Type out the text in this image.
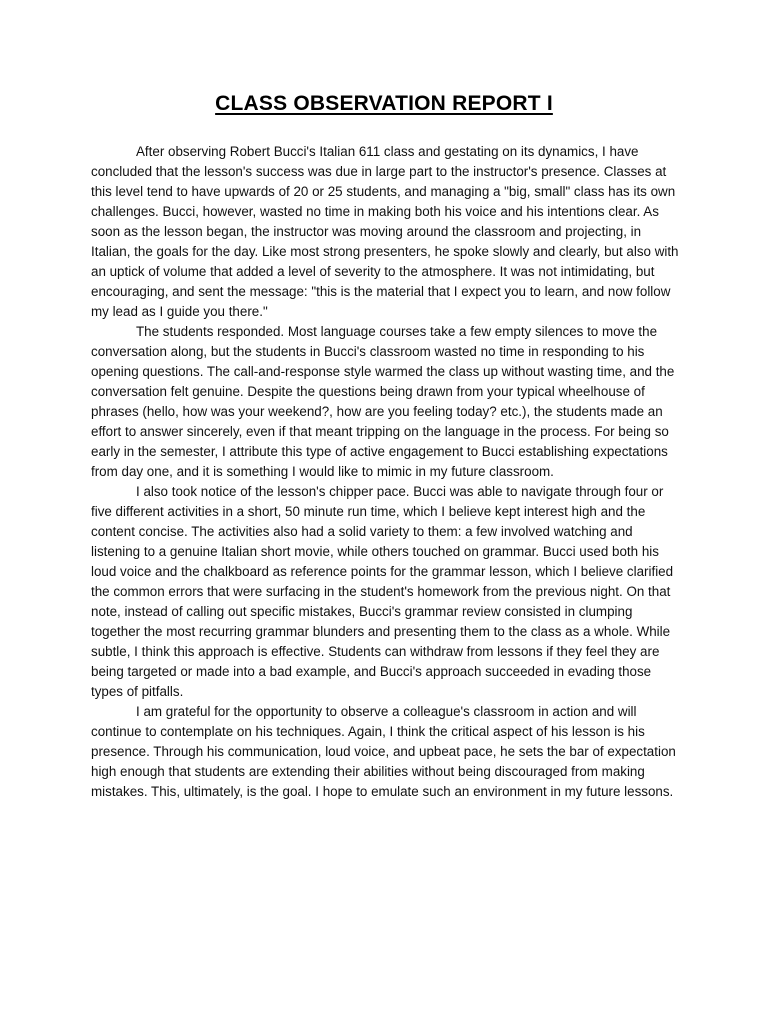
CLASS OBSERVATION REPORT I

After observing Robert Bucci's Italian 611 class and gestating on its dynamics, I have concluded that the lesson's success was due in large part to the instructor's presence. Classes at this level tend to have upwards of 20 or 25 students, and managing a "big, small" class has its own challenges. Bucci, however, wasted no time in making both his voice and his intentions clear. As soon as the lesson began, the instructor was moving around the classroom and projecting, in Italian, the goals for the day. Like most strong presenters, he spoke slowly and clearly, but also with an uptick of volume that added a level of severity to the atmosphere. It was not intimidating, but encouraging, and sent the message: "this is the material that I expect you to learn, and now follow my lead as I guide you there."

The students responded. Most language courses take a few empty silences to move the conversation along, but the students in Bucci's classroom wasted no time in responding to his opening questions. The call-and-response style warmed the class up without wasting time, and the conversation felt genuine. Despite the questions being drawn from your typical wheelhouse of phrases (hello, how was your weekend?, how are you feeling today? etc.), the students made an effort to answer sincerely, even if that meant tripping on the language in the process. For being so early in the semester, I attribute this type of active engagement to Bucci establishing expectations from day one, and it is something I would like to mimic in my future classroom.

I also took notice of the lesson's chipper pace. Bucci was able to navigate through four or five different activities in a short, 50 minute run time, which I believe kept interest high and the content concise. The activities also had a solid variety to them: a few involved watching and listening to a genuine Italian short movie, while others touched on grammar. Bucci used both his loud voice and the chalkboard as reference points for the grammar lesson, which I believe clarified the common errors that were surfacing in the student's homework from the previous night. On that note, instead of calling out specific mistakes, Bucci's grammar review consisted in clumping together the most recurring grammar blunders and presenting them to the class as a whole. While subtle, I think this approach is effective. Students can withdraw from lessons if they feel they are being targeted or made into a bad example, and Bucci's approach succeeded in evading those types of pitfalls.

I am grateful for the opportunity to observe a colleague's classroom in action and will continue to contemplate on his techniques. Again, I think the critical aspect of his lesson is his presence. Through his communication, loud voice, and upbeat pace, he sets the bar of expectation high enough that students are extending their abilities without being discouraged from making mistakes. This, ultimately, is the goal. I hope to emulate such an environment in my future lessons.
